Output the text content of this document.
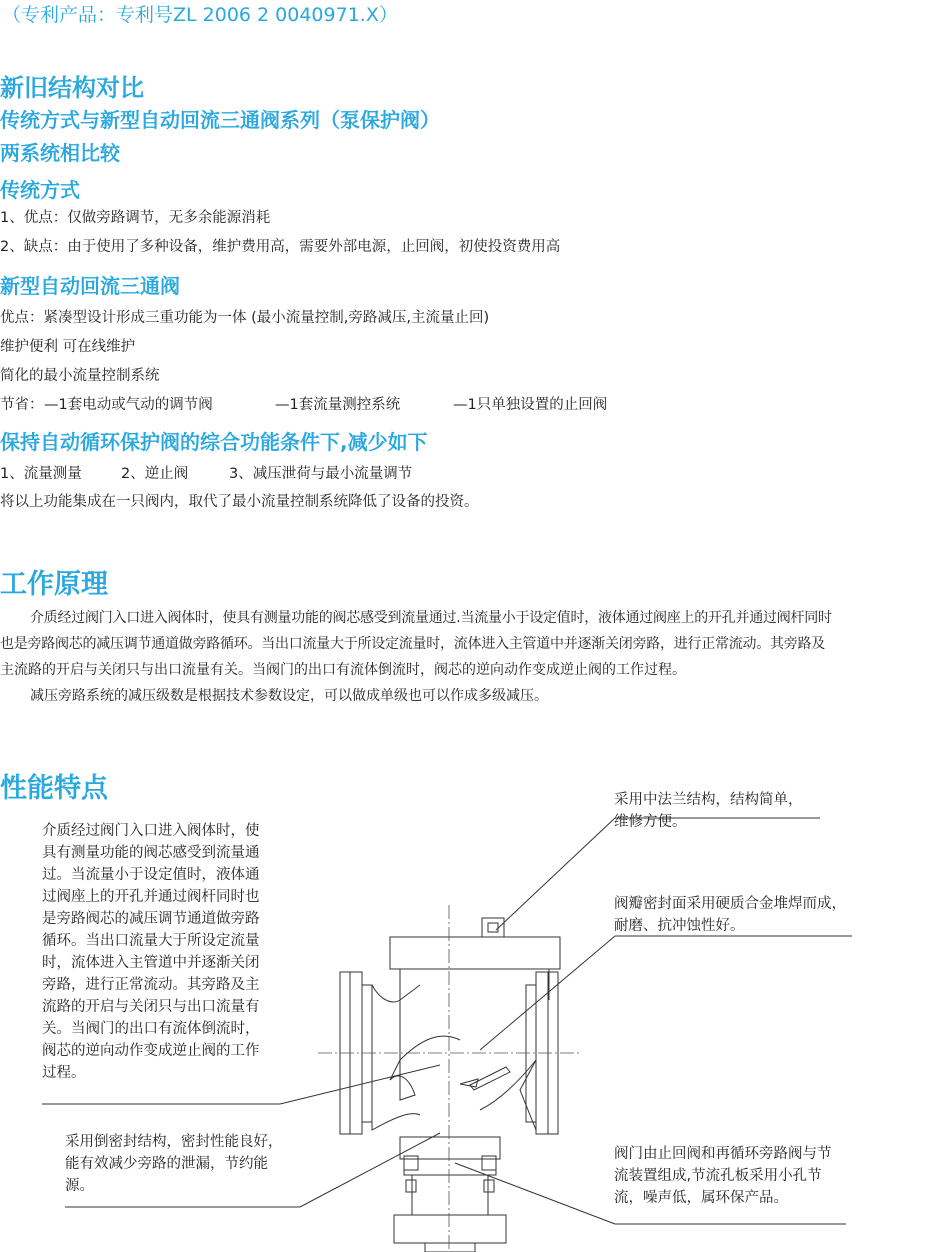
（专利产品：专利号ZL 2006 2 0040971.X）
新旧结构对比
传统方式与新型自动回流三通阀系列（泵保护阀）
两系统相比较
传统方式
1、优点：仅做旁路调节，无多余能源消耗
2、缺点：由于使用了多种设备，维护费用高，需要外部电源，止回阀，初使投资费用高
新型自动回流三通阀
优点：紧凑型设计形成三重功能为一体 (最小流量控制,旁路减压,主流量止回)
维护便利 可在线维护
简化的最小流量控制系统
节省： —1套电动或气动的调节阀	—1套流量测控系统	—1只单独设置的止回阀
保持自动循环保护阀的综合功能条件下,减少如下
1、流量测量	2、逆止阀	3、减压泄荷与最小流量调节
将以上功能集成在一只阀内，取代了最小流量控制系统降低了设备的投资。
工作原理
介质经过阀门入口进入阀体时，使具有测量功能的阀芯感受到流量通过.当流量小于设定值时，液体通过阀座上的开孔并通过阀杆同时
也是旁路阀芯的减压调节通道做旁路循环。当出口流量大于所设定流量时，流体进入主管道中并逐渐关闭旁路，进行正常流动。其旁路及
主流路的开启与关闭只与出口流量有关。当阀门的出口有流体倒流时，阀芯的逆向动作变成逆止阀的工作过程。
减压旁路系统的减压级数是根据技术参数设定，可以做成单级也可以作成多级减压。
性能特点
介质经过阀门入口进入阀体时，使
具有测量功能的阀芯感受到流量通
过。当流量小于设定值时，液体通
过阀座上的开孔并通过阀杆同时也
是旁路阀芯的减压调节通道做旁路
循环。当出口流量大于所设定流量
时，流体进入主管道中并逐渐关闭
旁路，进行正常流动。其旁路及主
流路的开启与关闭只与出口流量有
关。当阀门的出口有流体倒流时，
阀芯的逆向动作变成逆止阀的工作
过程。
采用倒密封结构，密封性能良好，
能有效减少旁路的泄漏，节约能
源。
采用中法兰结构，结构简单，
维修方便。
阀瓣密封面采用硬质合金堆焊而成，
耐磨、抗冲蚀性好。
阀门由止回阀和再循环旁路阀与节
流装置组成,节流孔板采用小孔节
流，噪声低，属环保产品。
